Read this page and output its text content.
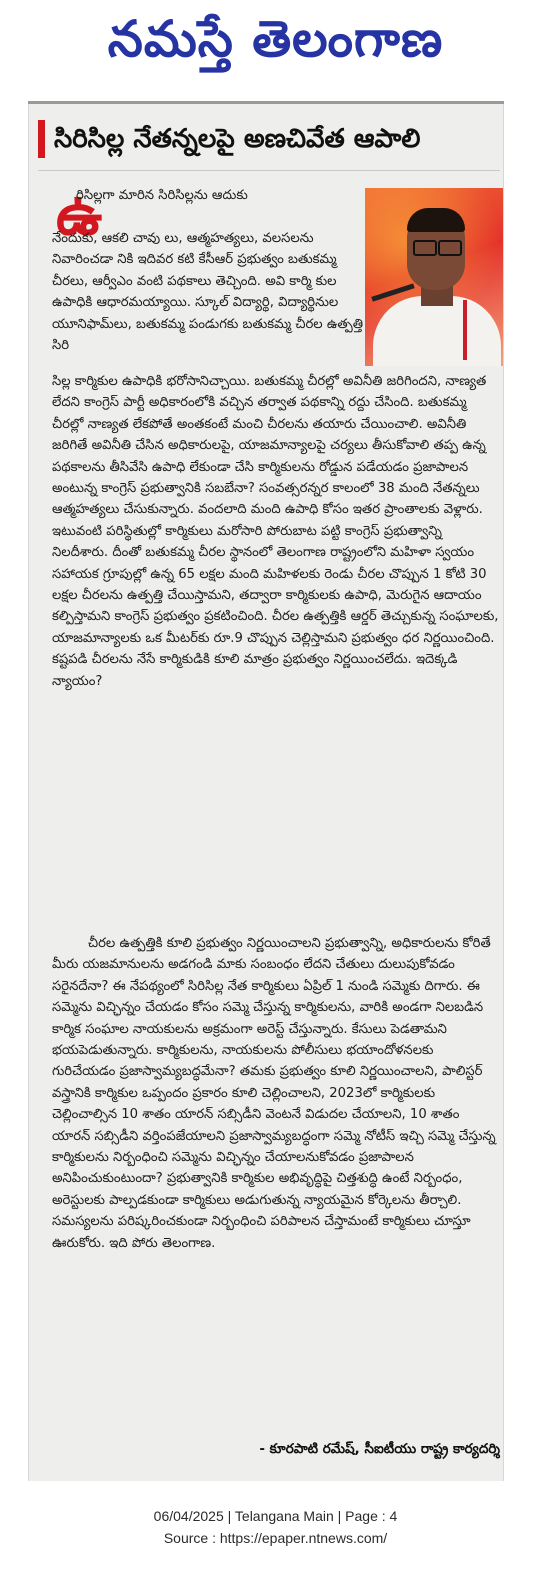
నమస్తే తెలంగాణ
సిరిసిల్ల నేతన్నలపై అణచివేత ఆపాలి
ఉ

రిసిల్లగా మారిన సిరిసిల్లను ఆదుకు

నేందుకు, ఆకలి చావు లు, ఆత్మహత్యలు, వలసలను నివారించడా నికి ఇదివర కటి కేసీఆర్ ప్రభుత్వం బతుకమ్మ చీరలు, ఆర్వీఎం వంటి పథకాలు తెచ్చింది. అవి కార్మి కుల ఉపాధికి ఆధారమయ్యాయి. స్కూల్ విద్యార్థి, విద్యార్థినుల యూనిఫామ్‌లు, బతుకమ్మ పండుగకు బతుకమ్మ చీరల ఉత్పత్తి సిరి

సిల్ల కార్మికుల ఉపాధికి భరోసానిచ్చాయి. బతుకమ్మ చీరల్లో అవినీతి జరిగిందని, నాణ్యత లేదని కాంగ్రెస్ పార్టీ అధికారంలోకి వచ్చిన తర్వాత పథకాన్ని రద్దు చేసింది. బతుకమ్మ చీరల్లో నాణ్యత లేకపోతే అంతకంటే మంచి చీరలను తయారు చేయించాలి. అవినీతి జరిగితే అవినీతి చేసిన అధికారులపై, యాజమాన్యాలపై చర్యలు తీసుకోవాలి తప్ప ఉన్న పథకాలను తీసివేసి ఉపాధి లేకుండా చేసి కార్మికులను రోడ్డున పడేయడం ప్రజాపాలన అంటున్న కాంగ్రెస్ ప్రభుత్వానికి సబబేనా? సంవత్సరన్నర కాలంలో 38 మంది నేతన్నలు ఆత్మహత్యలు చేసుకున్నారు. వందలాది మంది ఉపాధి కోసం ఇతర ప్రాంతాలకు వెళ్లారు. ఇటువంటి పరిస్థితుల్లో కార్మికులు మరోసారి పోరుబాట పట్టి కాంగ్రెస్ ప్రభుత్వాన్ని నిలదీశారు. దీంతో బతుకమ్మ చీరల స్థానంలో తెలంగాణ రాష్ట్రంలోని మహిళా స్వయం సహాయక గ్రూపుల్లో ఉన్న 65 లక్షల మంది మహిళలకు రెండు చీరల చొప్పున 1 కోటి 30 లక్షల చీరలను ఉత్పత్తి చేయిస్తామని, తద్వారా కార్మికులకు ఉపాధి, మెరుగైన ఆదాయం కల్పిస్తామని కాంగ్రెస్ ప్రభుత్వం ప్రకటించింది. చీరల ఉత్పత్తికి ఆర్డర్ తెచ్చుకున్న సంఘాలకు, యాజమాన్యాలకు ఒక మీటర్‌కు రూ.9 చొప్పున చెల్లిస్తామని ప్రభుత్వం ధర నిర్ణయించింది. కష్టపడి చీరలను నేసే కార్మికుడికి కూలి మాత్రం ప్రభుత్వం నిర్ణయించలేదు. ఇదెక్కడి న్యాయం?

చీరల ఉత్పత్తికి కూలి ప్రభుత్వం నిర్ణయించాలని ప్రభుత్వాన్ని, అధికారులను కోరితే మీరు యజమానులను అడగండి మాకు సంబంధం లేదని చేతులు దులుపుకోవడం సరైనదేనా? ఈ నేపథ్యంలో సిరిసిల్ల నేత కార్మికులు ఏప్రిల్ 1 నుండి సమ్మెకు దిగారు. ఈ సమ్మెను విచ్ఛిన్నం చేయడం కోసం సమ్మె చేస్తున్న కార్మికులను, వారికి అండగా నిలబడిన కార్మిక సంఘాల నాయకులను అక్రమంగా అరెస్ట్ చేస్తున్నారు. కేసులు పెడతామని భయపెడుతున్నారు. కార్మికులను, నాయకులను పోలీసులు భయాందోళనలకు గురిచేయడం ప్రజాస్వామ్యబద్ధమేనా? తమకు ప్రభుత్వం కూలి నిర్ణయించాలని, పాలిస్టర్ వస్త్రానికి కార్మికుల ఒప్పందం ప్రకారం కూలి చెల్లించాలని, 2023లో కార్మికులకు చెల్లించాల్సిన 10 శాతం యారన్ సబ్సిడీని వెంటనే విడుదల చేయాలని, 10 శాతం యారన్ సబ్సిడీని వర్తింపజేయాలని ప్రజాస్వామ్యబద్ధంగా సమ్మె నోటీస్ ఇచ్చి సమ్మె చేస్తున్న కార్మికులను నిర్బంధించి సమ్మెను విచ్ఛిన్నం చేయాలనుకోవడం ప్రజాపాలన అనిపించుకుంటుందా? ప్రభుత్వానికి కార్మికుల అభివృద్ధిపై చిత్తశుద్ధి ఉంటే నిర్బంధం, అరెస్టులకు పాల్పడకుండా కార్మికులు అడుగుతున్న న్యాయమైన కోర్కెలను తీర్చాలి. సమస్యలను పరిష్కరించకుండా నిర్బంధించి పరిపాలన చేస్తామంటే కార్మికులు చూస్తూ ఊరుకోరు. ఇది పోరు తెలంగాణ.

- కూరపాటి రమేష్, సీఐటీయు రాష్ట్ర కార్యదర్శి
06/04/2025 | Telangana Main | Page : 4
Source : https://epaper.ntnews.com/
